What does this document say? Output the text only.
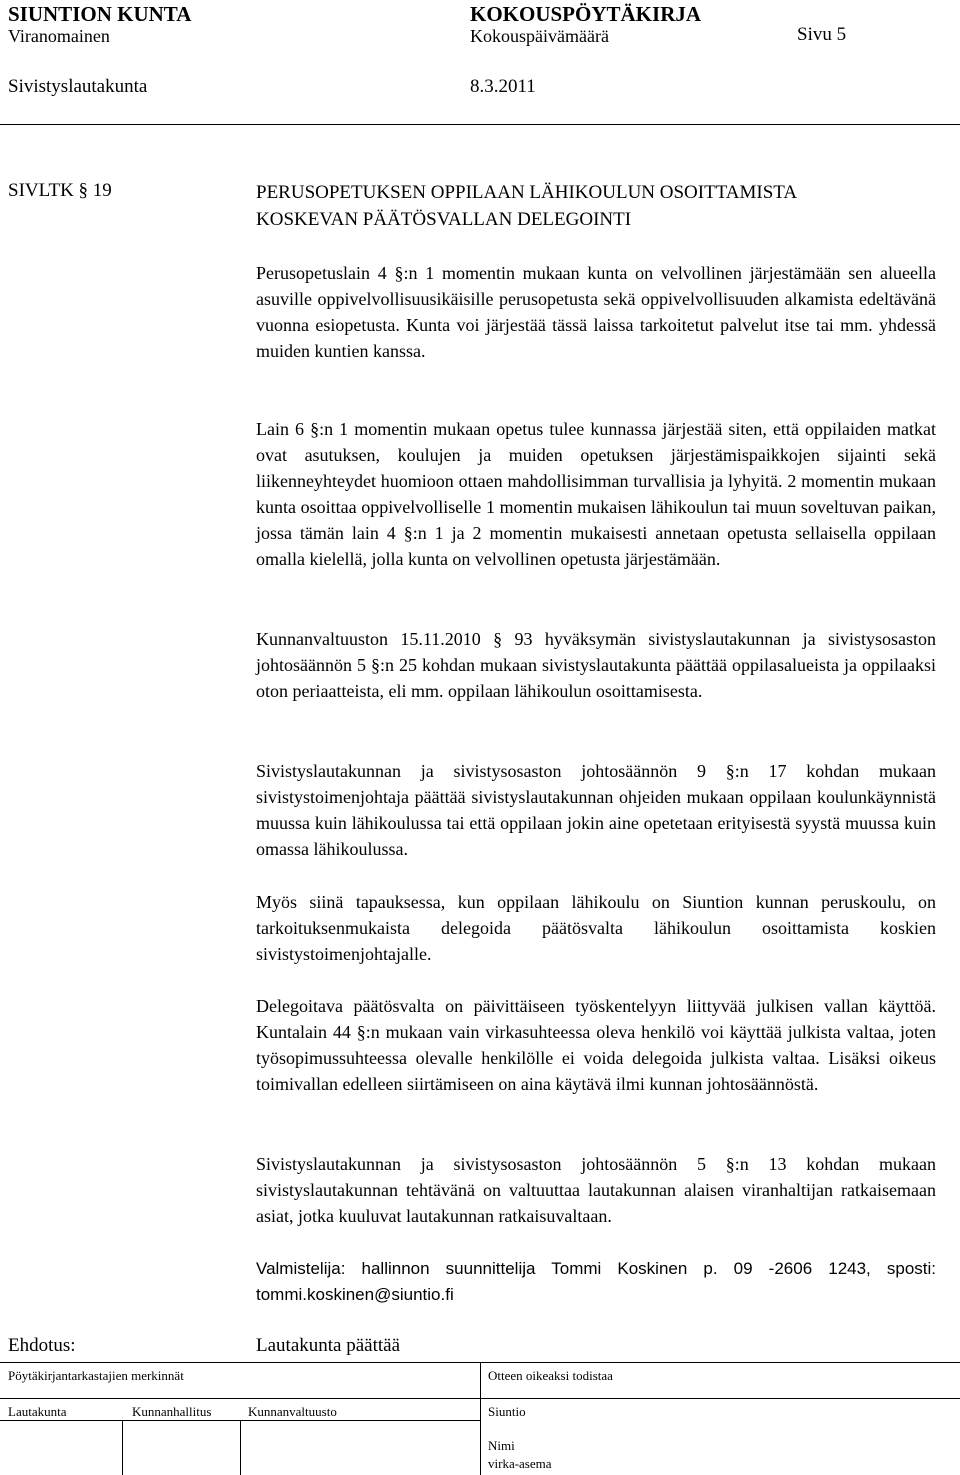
SIUNTION KUNTA	KOKOUSPÖYTÄKIRJA
Viranomainen	Kokouspäivämäärä	Sivu 5
Sivistyslautakunta	8.3.2011
SIVLTK § 19	PERUSOPETUKSEN OPPILAAN LÄHIKOULUN OSOITTAMISTA
KOSKEVAN PÄÄTÖSVALLAN DELEGOINTI
Perusopetuslain 4 §:n 1 momentin mukaan kunta on velvollinen järjestämään sen alueella asuville oppivelvollisuusikäisille perusopetusta sekä oppivelvollisuuden alkamista edeltävänä vuonna esiopetusta. Kunta voi järjestää tässä laissa tarkoitetut palvelut itse tai mm. yhdessä muiden kuntien kanssa.
Lain 6 §:n 1 momentin mukaan opetus tulee kunnassa järjestää siten, että oppilaiden matkat ovat asutuksen, koulujen ja muiden opetuksen järjestämispaikkojen sijainti sekä liikenneyhteydet huomioon ottaen mahdollisimman turvallisia ja lyhyitä. 2 momentin mukaan kunta osoittaa oppivelvolliselle 1 momentin mukaisen lähikoulun tai muun soveltuvan paikan, jossa tämän lain 4 §:n 1 ja 2 momentin mukaisesti annetaan opetusta sellaisella oppilaan omalla kielellä, jolla kunta on velvollinen opetusta järjestämään.
Kunnanvaltuuston 15.11.2010 § 93 hyväksymän sivistyslautakunnan ja sivistysosaston johtosäännön 5 §:n 25 kohdan mukaan sivistyslautakunta päättää oppilasalueista ja oppilaaksi oton periaatteista, eli mm. oppilaan lähikoulun osoittamisesta.
Sivistyslautakunnan ja sivistysosaston johtosäännön 9 §:n 17 kohdan mukaan sivistystoimenjohtaja päättää sivistyslautakunnan ohjeiden mukaan oppilaan koulunkäynnistä muussa kuin lähikoulussa tai että oppilaan jokin aine opetetaan erityisestä syystä muussa kuin omassa lähikoulussa.
Myös siinä tapauksessa, kun oppilaan lähikoulu on Siuntion kunnan peruskoulu, on tarkoituksenmukaista delegoida päätösvalta lähikoulun osoittamista koskien sivistystoimenjohtajalle.
Delegoitava päätösvalta on päivittäiseen työskentelyyn liittyvää julkisen vallan käyttöä. Kuntalain 44 §:n mukaan vain virkasuhteessa oleva henkilö voi käyttää julkista valtaa, joten työsopimussuhteessa olevalle henkilölle ei voida delegoida julkista valtaa. Lisäksi oikeus toimivallan edelleen siirtämiseen on aina käytävä ilmi kunnan johtosäännöstä.
Sivistyslautakunnan ja sivistysosaston johtosäännön 5 §:n 13 kohdan mukaan sivistyslautakunnan tehtävänä on valtuuttaa lautakunnan alaisen viranhaltijan ratkaisemaan asiat, jotka kuuluvat lautakunnan ratkaisuvaltaan.
Valmistelija: hallinnon suunnittelija Tommi Koskinen p. 09 -2606 1243, sposti: tommi.koskinen@siuntio.fi
Ehdotus:	Lautakunta päättää
Pöytäkirjantarkastajien merkinnät	Otteen oikeaksi todistaa
Lautakunta	Kunnanhallitus	Kunnanvaltuusto	Siuntio
Nimi
virka-asema
